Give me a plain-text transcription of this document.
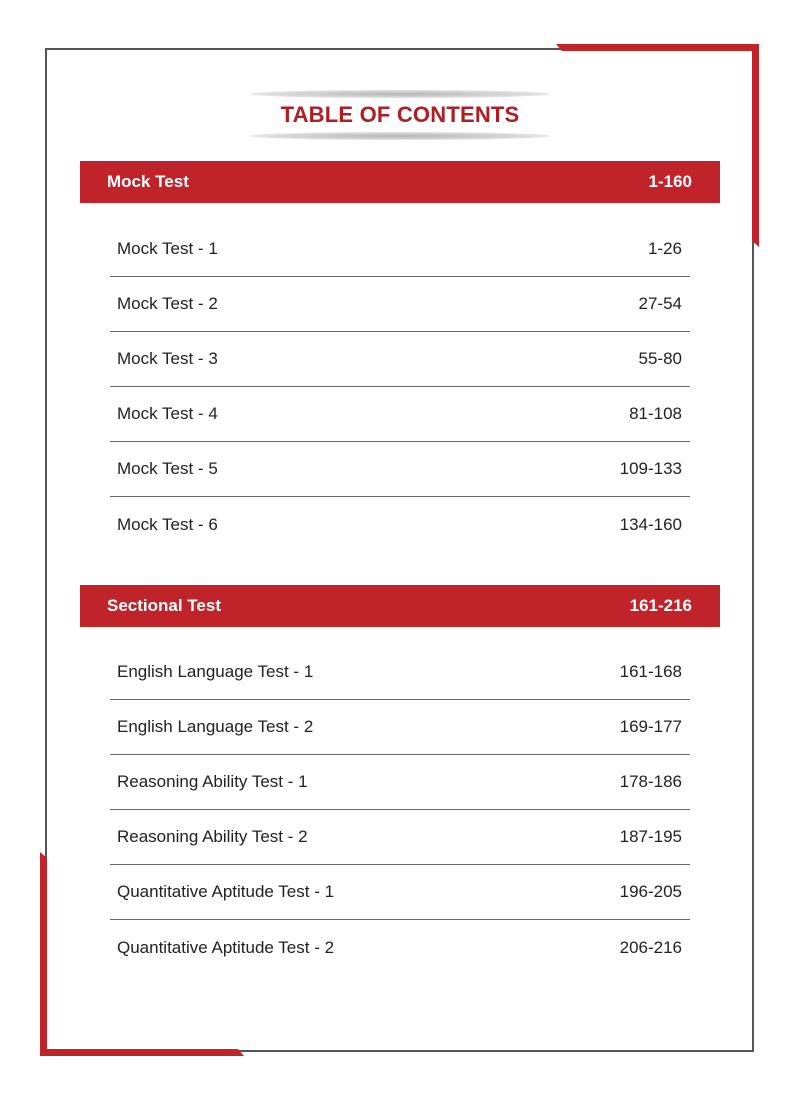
TABLE OF CONTENTS
Mock Test	1-160
Mock Test - 1	1-26
Mock Test - 2	27-54
Mock Test - 3	55-80
Mock Test - 4	81-108
Mock Test - 5	109-133
Mock Test - 6	134-160
Sectional Test	161-216
English Language Test - 1	161-168
English Language Test - 2	169-177
Reasoning Ability Test - 1	178-186
Reasoning Ability Test - 2	187-195
Quantitative Aptitude Test - 1	196-205
Quantitative Aptitude Test - 2	206-216
